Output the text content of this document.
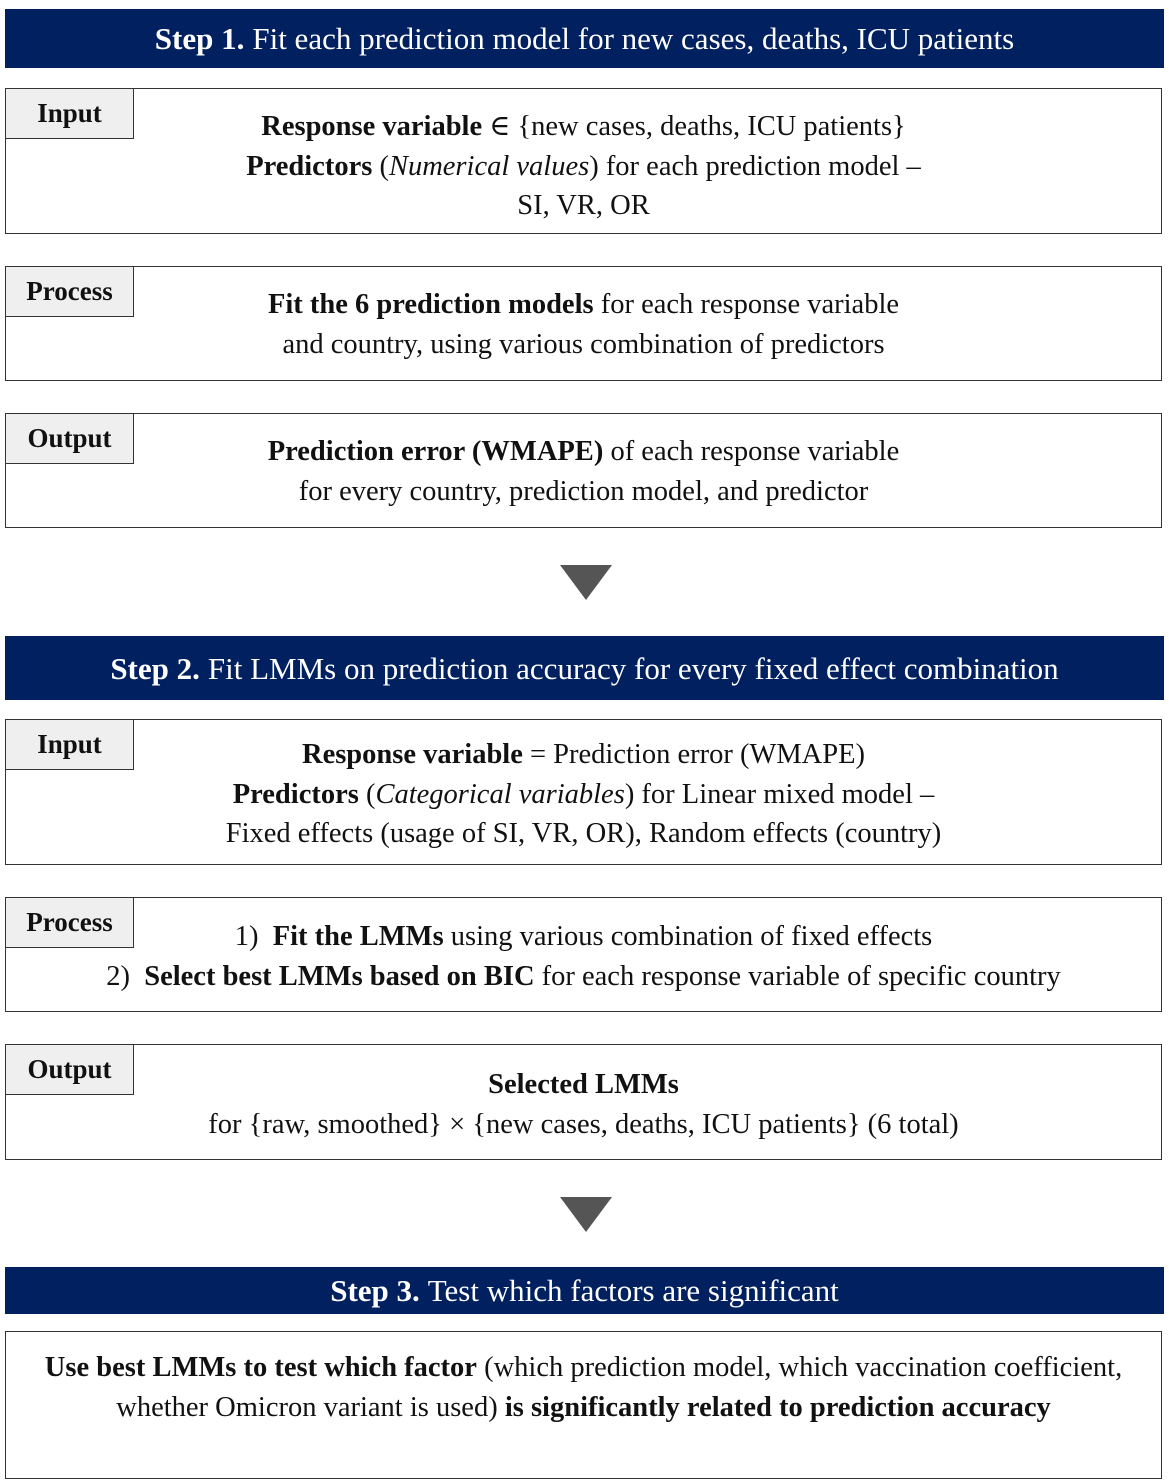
Step 1. Fit each prediction model for new cases, deaths, ICU patients
Input	Response variable ∈ {new cases, deaths, ICU patients}
Predictors (Numerical values) for each prediction model –
SI, VR, OR
Process	Fit the 6 prediction models for each response variable
and country, using various combination of predictors
Output	Prediction error (WMAPE) of each response variable
for every country, prediction model, and predictor
Step 2. Fit LMMs on prediction accuracy for every fixed effect combination
Input	Response variable = Prediction error (WMAPE)
Predictors (Categorical variables) for Linear mixed model –
Fixed effects (usage of SI, VR, OR), Random effects (country)
Process	1) Fit the LMMs using various combination of fixed effects
2) Select best LMMs based on BIC for each response variable of specific country
Output	Selected LMMs
for {raw, smoothed} × {new cases, deaths, ICU patients} (6 total)
Step 3. Test which factors are significant
Use best LMMs to test which factor (which prediction model, which vaccination coefficient, whether Omicron variant is used) is significantly related to prediction accuracy
